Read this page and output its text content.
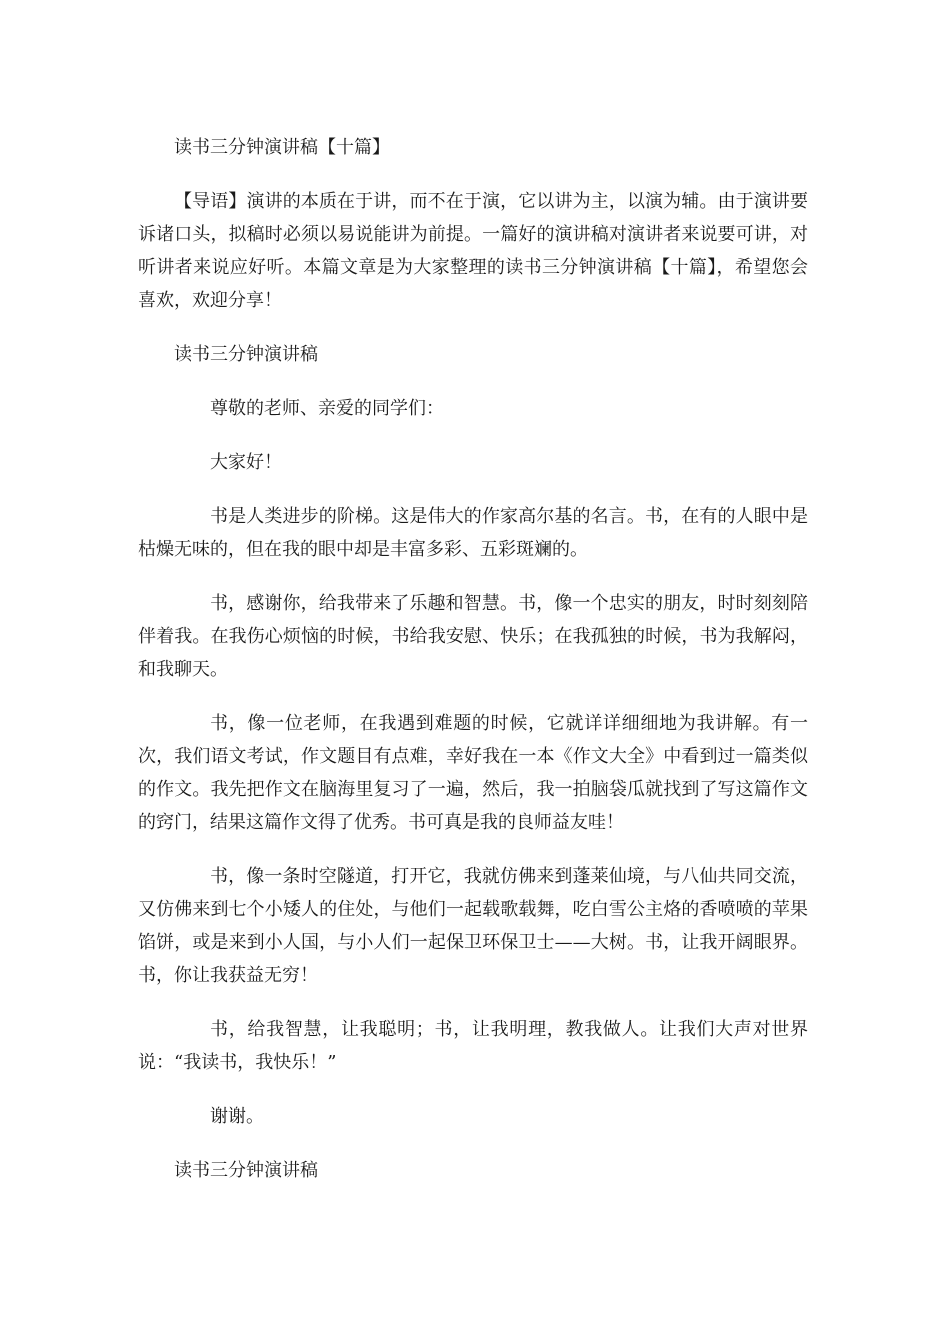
读书三分钟演讲稿【十篇】

【导语】演讲的本质在于讲，而不在于演，它以讲为主，以演为辅。由于演讲要诉诸口头，拟稿时必须以易说能讲为前提。一篇好的演讲稿对演讲者来说要可讲，对听讲者来说应好听。本篇文章是为大家整理的读书三分钟演讲稿【十篇】，希望您会喜欢，欢迎分享！

读书三分钟演讲稿

尊敬的老师、亲爱的同学们：

大家好！

书是人类进步的阶梯。这是伟大的作家高尔基的名言。书，在有的人眼中是枯燥无味的，但在我的眼中却是丰富多彩、五彩斑斓的。

书，感谢你，给我带来了乐趣和智慧。书，像一个忠实的朋友，时时刻刻陪伴着我。在我伤心烦恼的时候，书给我安慰、快乐；在我孤独的时候，书为我解闷，和我聊天。

书，像一位老师，在我遇到难题的时候，它就详详细细地为我讲解。有一次，我们语文考试，作文题目有点难，幸好我在一本《作文大全》中看到过一篇类似的作文。我先把作文在脑海里复习了一遍，然后，我一拍脑袋瓜就找到了写这篇作文的窍门，结果这篇作文得了优秀。书可真是我的良师益友哇！

书，像一条时空隧道，打开它，我就仿佛来到蓬莱仙境，与八仙共同交流，又仿佛来到七个小矮人的住处，与他们一起载歌载舞，吃白雪公主烙的香喷喷的苹果馅饼，或是来到小人国，与小人们一起保卫环保卫士——大树。书，让我开阔眼界。书，你让我获益无穷！

书，给我智慧，让我聪明；书，让我明理，教我做人。让我们大声对世界说：“我读书，我快乐！”

谢谢。

读书三分钟演讲稿
